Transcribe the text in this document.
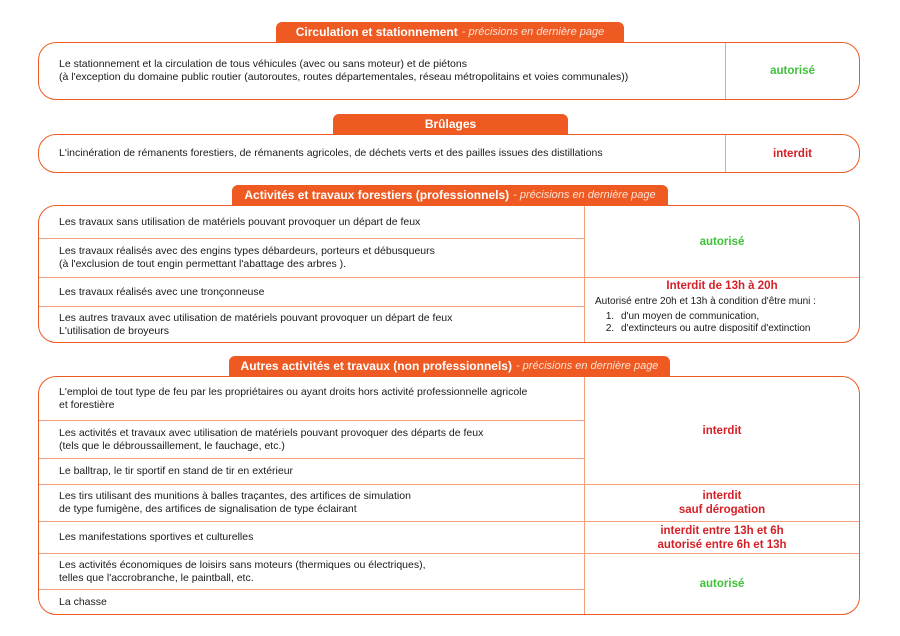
Circulation et stationnement - précisions en dernière page
Le stationnement et la circulation de tous véhicules (avec ou sans moteur) et de piétons
(à l'exception du domaine public routier (autoroutes, routes départementales, réseau métropolitains et voies communales))	autorisé
Brûlages
L'incinération de rémanents forestiers, de rémanents agricoles, de déchets verts et des pailles issues des distillations	interdit
Activités et travaux forestiers (professionnels) - précisions en dernière page
Les travaux sans utilisation de matériels pouvant provoquer un départ de feux
Les travaux réalisés avec des engins types débardeurs, porteurs et débusqueurs
(à l'exclusion de tout engin permettant l'abattage des arbres ).
Les travaux réalisés avec une tronçonneuse
Les autres travaux avec utilisation de matériels pouvant provoquer un départ de feux
L'utilisation de broyeurs
autorisé
Interdit de 13h à 20h
Autorisé entre 20h et 13h à condition d'être muni :
1. d'un moyen de communication,
2. d'extincteurs ou autre dispositif d'extinction
Autres activités et travaux (non professionnels) - précisions en dernière page
L'emploi de tout type de feu par les propriétaires ou ayant droits hors activité professionnelle agricole
et forestière
Les activités et travaux avec utilisation de matériels pouvant provoquer des départs de feux
(tels que le débroussaillement, le fauchage, etc.)
Le balltrap, le tir sportif en stand de tir en extérieur
Les tirs utilisant des munitions à balles traçantes, des artifices de simulation
de type fumigène, des artifices de signalisation de type éclairant
Les manifestations sportives et culturelles
Les activités économiques de loisirs sans moteurs (thermiques ou électriques),
telles que l'accrobranche, le paintball, etc.
La chasse
interdit
interdit
sauf dérogation
interdit entre 13h et 6h
autorisé entre 6h et 13h
autorisé
